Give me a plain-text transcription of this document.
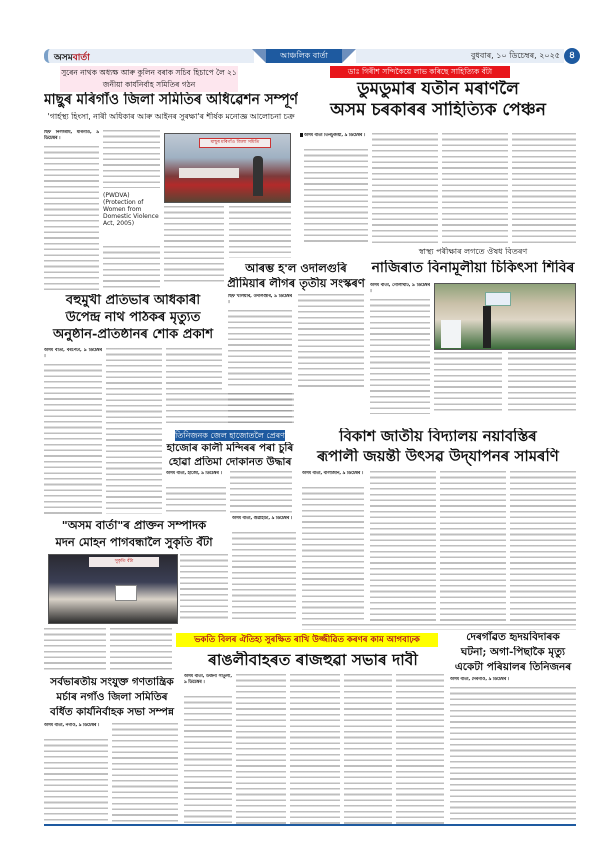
অসমবার্তা	আঞ্চলিক বাৰ্তা	বুধবাৰ, ১০ ডিচেম্বৰ, ২০২৫ ৪
সুৰেন নাথক অধ্যক্ষ আৰু কুলিন বৰাক সচিব হিচাপে লৈ ২১ জনীয়া কাৰ্যনিৰ্বাহ সমিতিৰ গঠন
মাছুৰ মৰিগাঁও জিলা সমিতিৰ অধিৱেশন সম্পূৰ্ণ
'গাৰ্হস্থ্য হিংসা, নাৰী অধিকাৰ আৰু আইনৰ সুৰক্ষা'ৰ শীৰ্ষক মনোজ্ঞ আলোচনা চক্ৰ
ছিফ নিলংৰাম, মৰিগাঁও, ৯ ডিচেম্বৰ ।
(PWDVA) (Protection of Women from Domestic Violence Act, 2005)
মাছুৰ মৰিগাঁও জিলা সমিতি
ডাঃ গিৰীশ সন্দিকৈয়ে লাভ কৰিছে সাহিত্যিক বঁটা
ডুমডুমাৰ যতীন মৰাণলৈ
অসম চৰকাৰৰ সাহিত্যিক পেঞ্চন
অসম বাৰ্তা তিনচুকীয়া, ৯ ডিচেম্বৰ ।
স্বাস্থ্য পৰীক্ষাৰ লগতে ঔষধ বিতৰণ
নাজিৰাত বিনামূলীয়া চিকিৎসা শিবিৰ
অসম বাৰ্তা, গোলাঘাট, ৯ ডিচেম্বৰ ।
বহুমুখী প্ৰতিভাৰ অধিকাৰী
উপেন্দ্ৰ নাথ পাঠকৰ মৃত্যুত
অনুষ্ঠান-প্ৰতিষ্ঠানৰ শোক প্ৰকাশ
অসম বাৰ্তা, বৰপেটা, ৯ ডিচেম্বৰ ।
আৰম্ভ হ'ল ওদালগুৰি
প্ৰীমিয়াৰ লীগৰ তৃতীয় সংস্কৰণ
ছিফ খলিয়াৰ, ওদালগুৰি, ৯ ডিচেম্বৰ ।
তিনিজনক জেল হাজোতলৈ প্ৰেৰণ
হাজোৰ কালী মন্দিৰৰ পৰা চুৰি
হোৱা প্ৰতিমা দোকানত উদ্ধাৰ
অসম বাৰ্তা, হাজো, ৯ ডিচেম্বৰ ।
বিকাশ জাতীয় বিদ্যালয় নয়াবস্তিৰ
ৰূপালী জয়ন্তী উৎসৱ উদ্‌যাপনৰ সামৰণি
অসম বাৰ্তা, বালাজান, ৯ ডিচেম্বৰ ।
"অসম বাৰ্তা"ৰ প্ৰাক্তন সম্পাদক
মদন মোহন পাগবন্ধালৈ সুকৃতি বঁটা
সুকৃতি বঁটা
অসম বাৰ্তা, গুৱাহাটী, ৯ ডিচেম্বৰ ।
সৰ্বভাৰতীয় সংযুক্ত গণতান্ত্ৰিক
মৰ্চাৰ নগাঁও জিলা সমিতিৰ
বৰ্ধিত কাৰ্যনিৰ্বাহক সভা সম্পন্ন
অসম বাৰ্তা, নগাঁও, ৯ ডিচেম্বৰ ।
ভকতি বিলৰ ঐতিহ্য সুৰক্ষিত ৰাখি উজ্জীৱিত কৰণৰ কাম আগবাঢ়ক
ৰাঙলীবাহৰত ৰাজহুৱা সভাৰ দাবী
অসম বাৰ্তা, উজনী সাতুলী, ৯ ডিচেম্বৰ ।
দেৰগাঁৱত হৃদয়বিদাৰক
ঘটনা; অগা-পিছাকৈ মৃত্যু
একেটা পৰিয়ালৰ তিনিজনৰ
অসম বাৰ্তা, দেৰগাঁও, ৯ ডিচেম্বৰ ।
